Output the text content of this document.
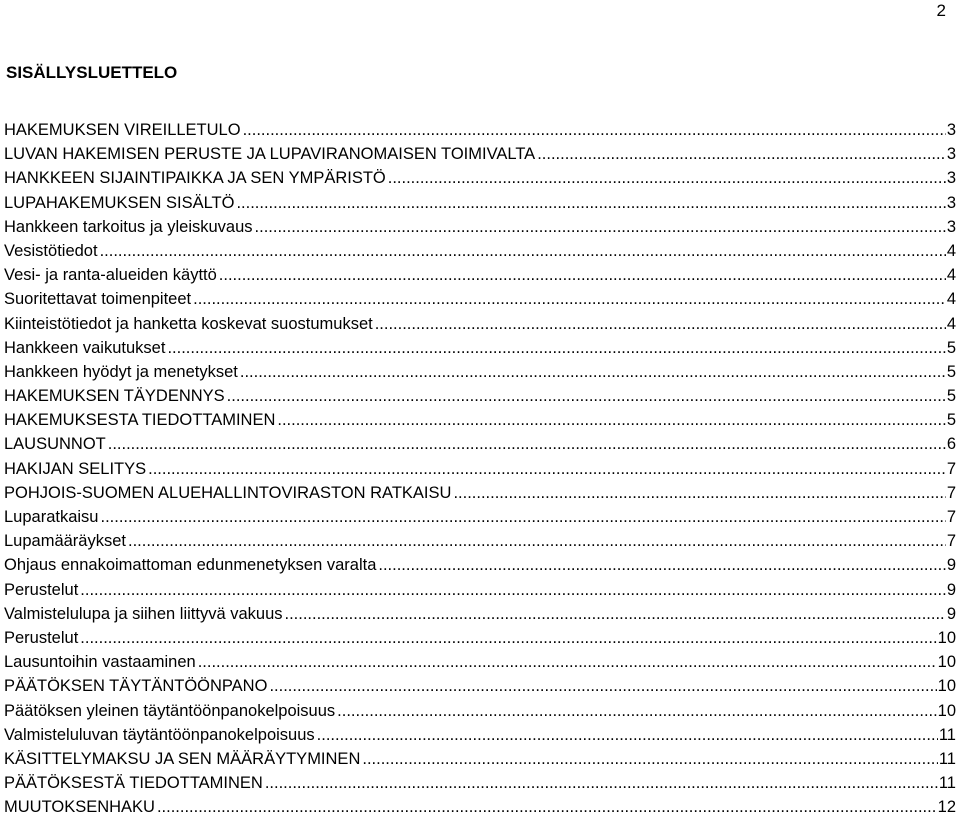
2
SISÄLLYSLUETTELO
HAKEMUKSEN VIREILLETULO .....	3
LUVAN HAKEMISEN PERUSTE JA LUPAVIRANOMAISEN TOIMIVALTA .....	3
HANKKEEN SIJAINTIPAIKKA JA SEN YMPÄRISTÖ .....	3
LUPAHAKEMUKSEN SISÄLTÖ .....	3
Hankkeen tarkoitus ja yleiskuvaus .....	3
Vesistötiedot .....	4
Vesi- ja ranta-alueiden käyttö .....	4
Suoritettavat toimenpiteet .....	4
Kiinteistötiedot ja hanketta koskevat suostumukset .....	4
Hankkeen vaikutukset .....	5
Hankkeen hyödyt ja menetykset .....	5
HAKEMUKSEN TÄYDENNYS .....	5
HAKEMUKSESTA TIEDOTTAMINEN .....	5
LAUSUNNOT .....	6
HAKIJAN SELITYS .....	7
POHJOIS-SUOMEN ALUEHALLINTOVIRASTON RATKAISU .....	7
Luparatkaisu .....	7
Lupamääräykset .....	7
Ohjaus ennakoimattoman edunmenetyksen varalta .....	9
Perustelut .....	9
Valmistelulupa ja siihen liittyvä vakuus .....	9
Perustelut .....	10
Lausuntoihin vastaaminen .....	10
PÄÄTÖKSEN TÄYTÄNTÖÖNPANO .....	10
Päätöksen yleinen täytäntöönpanokelpoisuus .....	10
Valmisteluluvan täytäntöönpanokelpoisuus .....	11
KÄSITTELYMAKSU JA SEN MÄÄRÄYTYMINEN .....	11
PÄÄTÖKSESTÄ TIEDOTTAMINEN .....	11
MUUTOKSENHAKU .....	12
